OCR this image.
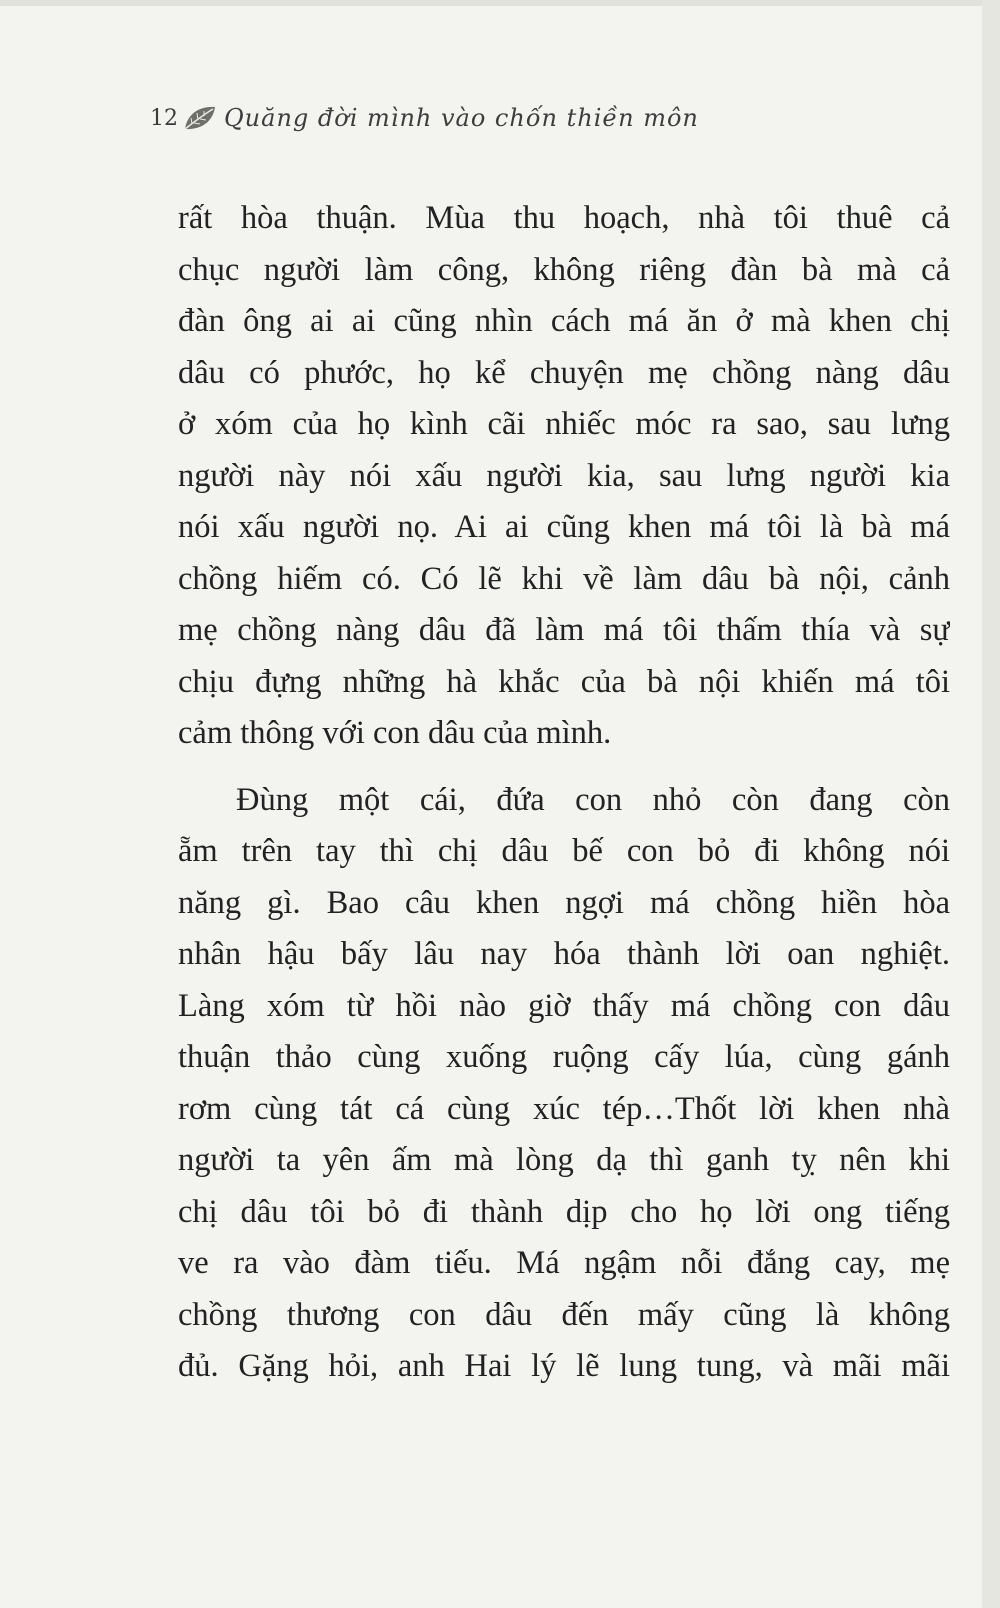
12 Quăng đời mình vào chốn thiền môn
rất hòa thuận. Mùa thu hoạch, nhà tôi thuê cả
chục người làm công, không riêng đàn bà mà cả
đàn ông ai ai cũng nhìn cách má ăn ở mà khen chị
dâu có phước, họ kể chuyện mẹ chồng nàng dâu
ở xóm của họ kình cãi nhiếc móc ra sao, sau lưng
người này nói xấu người kia, sau lưng người kia
nói xấu người nọ. Ai ai cũng khen má tôi là bà má
chồng hiếm có. Có lẽ khi về làm dâu bà nội, cảnh
mẹ chồng nàng dâu đã làm má tôi thấm thía và sự
chịu đựng những hà khắc của bà nội khiến má tôi
cảm thông với con dâu của mình.
Đùng một cái, đứa con nhỏ còn đang còn
ẵm trên tay thì chị dâu bế con bỏ đi không nói
năng gì. Bao câu khen ngợi má chồng hiền hòa
nhân hậu bấy lâu nay hóa thành lời oan nghiệt.
Làng xóm từ hồi nào giờ thấy má chồng con dâu
thuận thảo cùng xuống ruộng cấy lúa, cùng gánh
rơm cùng tát cá cùng xúc tép…Thốt lời khen nhà
người ta yên ấm mà lòng dạ thì ganh tỵ nên khi
chị dâu tôi bỏ đi thành dịp cho họ lời ong tiếng
ve ra vào đàm tiếu. Má ngậm nỗi đắng cay, mẹ
chồng thương con dâu đến mấy cũng là không
đủ. Gặng hỏi, anh Hai lý lẽ lung tung, và mãi mãi
